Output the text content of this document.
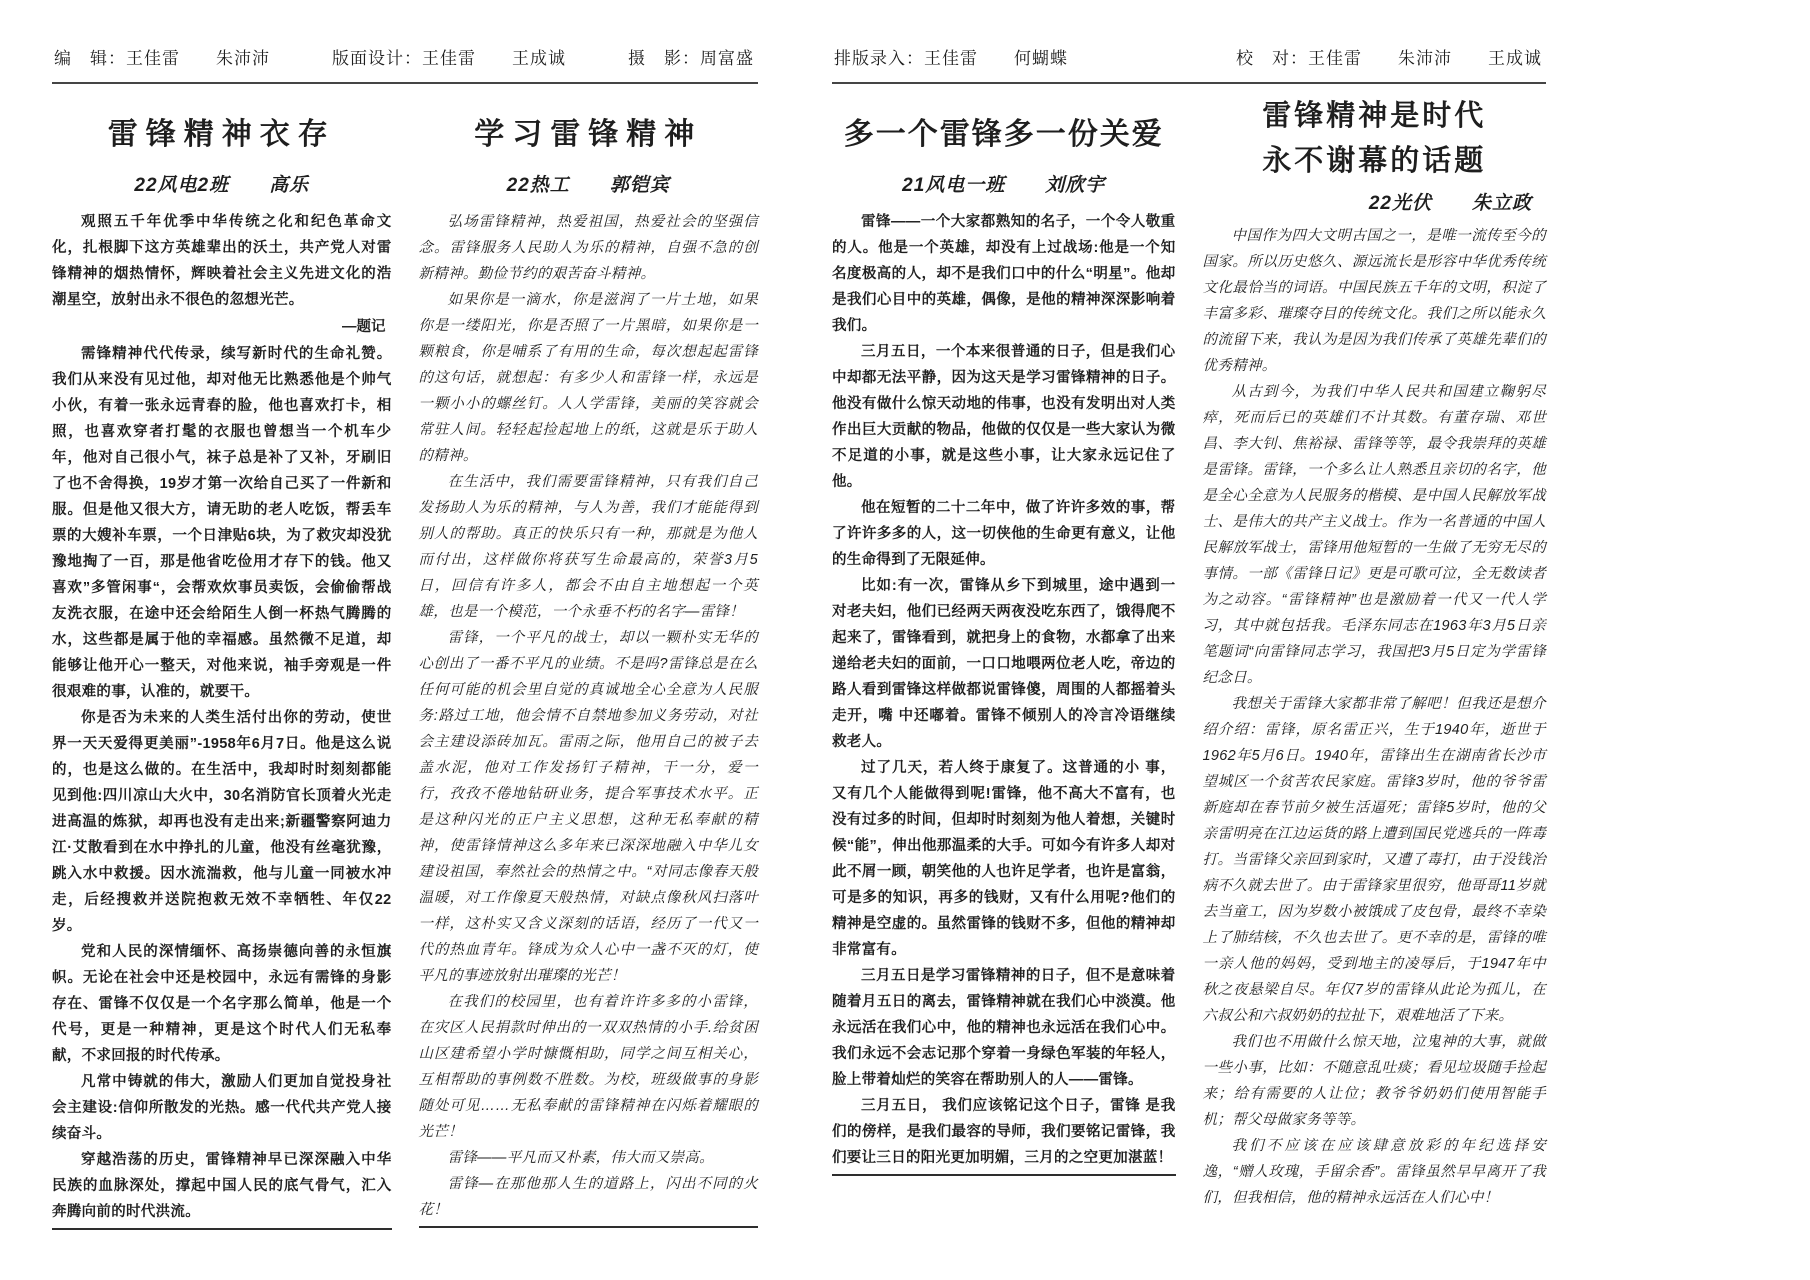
编　辑：王佳雷　　朱沛沛	版面设计：王佳雷　　王成诚	摄　影：周富盛
雷锋精神衣存
22风电2班　　高乐

观照五千年优季中华传统之化和纪色革命文化，扎根脚下这方英雄辈出的沃土，共产党人对雷锋精神的烟热情怀，辉映着社会主义先进文化的浩潮星空，放射出永不很色的忽想光芒。

—题记

需锋精神代代传录，续写新时代的生命礼赞。我们从来没有见过他，却对他无比熟悉他是个帅气小伙，有着一张永远青春的脸，他也喜欢打卡，相照，也喜欢穿者打髦的衣服也曾想当一个机车少年，他对自己很小气，袜子总是补了又补，牙刷旧了也不舍得换，19岁才第一次给自己买了一件新和服。但是他又很大方，请无助的老人吃饭，帮丢车票的大嫂补车票，一个日津贴6块，为了救灾却没犹豫地掏了一百，那是他省吃俭用才存下的钱。他又喜欢”多管闲事“，会帮欢炊事员卖饭，会偷偷帮战友洗衣服，在途中还会给陌生人倒一杯热气腾腾的水，这些都是属于他的幸福感。虽然微不足道，却能够让他开心一整天，对他来说，袖手旁观是一件很艰难的事，认准的，就要干。

你是否为未来的人类生活付出你的劳动，使世界一天天爱得更美丽”-1958年6月7日。他是这么说的，也是这么做的。在生活中，我却时时刻刻都能见到他:四川凉山大火中，30名消防官长顶着火光走进高温的炼狱，却再也没有走出来;新疆警察阿迪力江·艾散看到在水中挣扎的儿童，他没有丝毫犹豫，跳入水中救援。因水流湍救，他与儿童一同被水冲走，后经搜救并送院抱救无效不幸牺牲、年仅22岁。

党和人民的深情缅怀、高扬崇德向善的永恒旗帜。无论在社会中还是校园中，永远有需锋的身影存在、雷锋不仅仅是一个名字那么简单，他是一个代号，更是一种精神，更是这个时代人们无私奉献，不求回报的时代传承。

凡常中铸就的伟大，激励人们更加自觉投身社会主建设:信仰所散发的光热。感一代代共产党人接续奋斗。

穿越浩荡的历史，雷锋精神早已深深融入中华民族的血脉深处，撑起中国人民的底气骨气，汇入奔腾向前的时代洪流。

学习雷锋精神
22热工　　郭铠宾

弘场雷锋精神，热爱祖国，热爱社会的坚强信念。雷锋服务人民助人为乐的精神，自强不急的创新精神。勤俭节约的艰苦奋斗精神。

如果你是一滴水，你是滋润了一片土地，如果你是一缕阳光，你是否照了一片黑暗，如果你是一颗粮食，你是哺系了有用的生命，每次想起起雷锋的这句话，就想起：有多少人和雷锋一样，永远是一颗小小的螺丝钉。人人学雷锋，美丽的笑容就会常驻人间。轻轻起捡起地上的纸，这就是乐于助人的精神。

在生活中，我们需要雷锋精神，只有我们自己发扬助人为乐的精神，与人为善，我们才能能得到别人的帮助。真正的快乐只有一种，那就是为他人而付出，这样做你将获写生命最高的，荣誉3月5日，回信有许多人，都会不由自主地想起一个英雄，也是一个模范，一个永垂不朽的名字—雷锋！

雷锋，一个平凡的战士，却以一颗朴实无华的心创出了一番不平凡的业绩。不是吗?雷锋总是在么任何可能的机会里自觉的真诚地全心全意为人民服务:路过工地，他会情不自禁地参加义务劳动，对社会主建设添砖加瓦。雷雨之际，他用自己的被子去盖水泥，他对工作发扬钉子精神，干一分，爱一行，孜孜不倦地钻研业务，提合军事技术水平。正是这种闪光的正户主义思想，这种无私奉献的精神，使雷锋情神这么多年来已深深地融入中华儿女建设祖国，奉然社会的热情之中。“对同志像春天般温暖，对工作像夏天般热情，对缺点像秋风扫落叶一样，这朴实又含义深刻的话语，经历了一代又一代的热血青年。锋成为众人心中一盏不灭的灯，使平凡的事迹放射出璀璨的光芒！

在我们的校园里，也有着许许多多的小雷锋，在灾区人民捐款时伸出的一双双热情的小手.给贫困山区建希望小学时慷慨相助，同学之间互相关心，互相帮助的事例数不胜数。为校，班级做事的身影随处可见……无私奉献的雷锋精神在闪烁着耀眼的光芒！

雷锋——平凡而又朴素，伟大而又崇高。

雷锋—在那他那人生的道路上，闪出不同的火花！

排版录入：王佳雷　　何蝴蝶	校　对：王佳雷　　朱沛沛　　王成诚
多一个雷锋多一份关爱
21风电一班　　刘欣宇

雷锋——一个大家都熟知的名子，一个令人敬重的人。他是一个英雄，却没有上过战场:他是一个知名度极高的人，却不是我们口中的什么“明星”。他却是我们心目中的英雄，偶像，是他的精神深深影响着我们。

三月五日，一个本来很普通的日子，但是我们心中却都无法平静，因为这天是学习雷锋精神的日子。他没有做什么惊天动地的伟事，也没有发明出对人类作出巨大贡献的物品，他做的仅仅是一些大家认为微不足道的小事，就是这些小事，让大家永远记住了他。

他在短暂的二十二年中，做了许许多效的事，帮了许许多多的人，这一切侠他的生命更有意义，让他的生命得到了无限延伸。

比如:有一次，雷锋从乡下到城里，途中遇到一对老夫妇，他们已经两天两夜没吃东西了，饿得爬不起来了，雷锋看到，就把身上的食物，水都拿了出来递给老夫妇的面前，一口口地喂两位老人吃，帝边的路人看到雷锋这样做都说雷锋傻，周围的人都摇着头走开，嘴 中还嘟着。雷锋不倾别人的冷言冷语继续救老人。

过了几天，若人终于康复了。这普通的小 事，又有几个人能做得到呢!雷锋，他不高大不富有，也没有过多的时间，但却时时刻刻为他人着想，关键时候“能”，伸出他那温柔的大手。可如今有许多人却对此不屑一顾，朝笑他的人也许足学者，也许是富翁，可是多的知识，再多的钱财，又有什么用呢?他们的精神是空虚的。虽然雷锋的钱财不多，但他的精神却非常富有。

三月五日是学习雷锋精神的日子，但不是意味着随着月五日的离去，雷锋精神就在我们心中淡漠。他永远活在我们心中，他的精神也永远活在我们心中。我们永远不会志记那个穿着一身绿色军装的年轻人，脸上带着灿烂的笑容在帮助别人的人——雷锋。

三月五日， 我们应该铭记这个日子，雷锋 是我们的傍样，是我们最容的导师，我们要铭记雷锋，我们要让三日的阳光更加明媚，三月的之空更加湛蓝！

雷锋精神是时代
永不谢幕的话题
22光伏　　朱立政

中国作为四大文明古国之一，是唯一流传至今的国家。所以历史悠久、源远流长是形容中华优秀传统文化最恰当的词语。中国民族五千年的文明，积淀了丰富多彩、璀璨夺目的传统文化。我们之所以能永久的流留下来，我认为是因为我们传承了英雄先辈们的优秀精神。

从古到今，为我们中华人民共和国建立鞠躬尽瘁，死而后已的英雄们不计其数。有董存瑞、邓世昌、李大钊、焦裕禄、雷锋等等，最令我崇拜的英雄是雷锋。雷锋，一个多么让人熟悉且亲切的名字，他是全心全意为人民服务的楷模、是中国人民解放军战士、是伟大的共产主义战士。作为一名普通的中国人民解放军战士，雷锋用他短暂的一生做了无穷无尽的事情。一部《雷锋日记》更是可歌可泣，全无数读者为之动容。“雷锋精神”也是激励着一代又一代人学习，其中就包括我。毛泽东同志在1963年3月5日亲笔题词“向雷锋同志学习，我国把3月5日定为学雷锋纪念日。

我想关于雷锋大家都非常了解吧！但我还是想介绍介绍：雷锋，原名雷正兴，生于1940年，逝世于1962年5月6日。1940年，雷锋出生在湖南省长沙市望城区一个贫苦农民家庭。雷锋3岁时，他的爷爷雷新庭却在春节前夕被生活逼死；雷锋5岁时，他的父亲雷明亮在江边运货的路上遭到国民党逃兵的一阵毒打。当雷锋父亲回到家时，又遭了毒打，由于没钱治病不久就去世了。由于雷锋家里很穷，他哥哥11岁就去当童工，因为岁数小被饿成了皮包骨，最终不幸染上了肺结核，不久也去世了。更不幸的是，雷锋的唯一亲人他的妈妈，受到地主的凌辱后，于1947年中秋之夜悬梁自尽。年仅7岁的雷锋从此论为孤儿，在六叔公和六叔奶奶的拉扯下，艰难地活了下来。

我们也不用做什么惊天地，泣鬼神的大事，就做一些小事，比如：不随意乱吐痰；看见垃圾随手捡起来；给有需要的人让位；教爷爷奶奶们使用智能手机；帮父母做家务等等。

我们不应该在应该肆意放彩的年纪选择安逸，“赠人玫瑰，手留余香”。雷锋虽然早早离开了我们，但我相信，他的精神永远活在人们心中！
